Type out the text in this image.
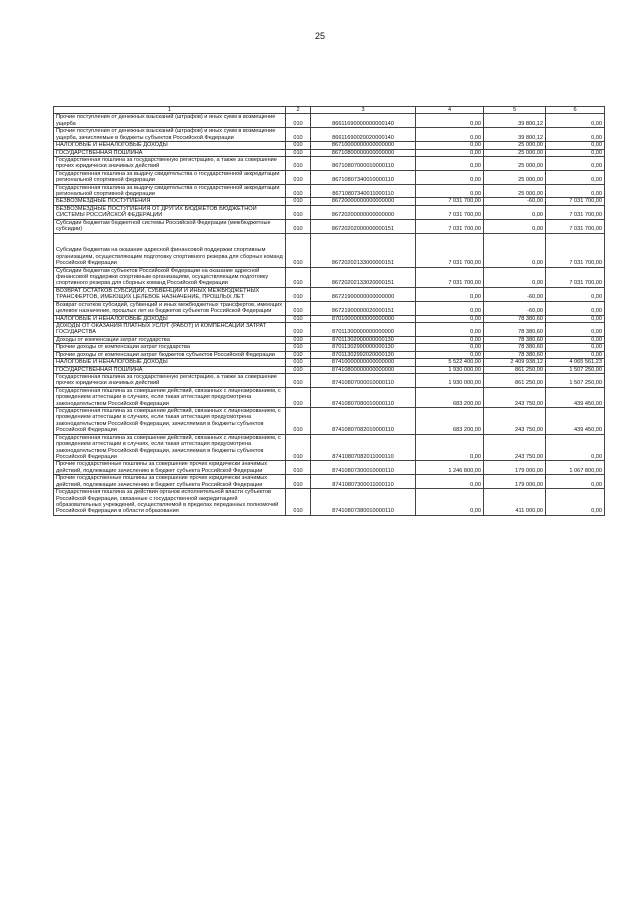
25
1	2	3	4	5	6
Прочие поступления от денежных взысканий (штрафов) и иных сумм в возмещение ущерба	010	86611690000000000140	0,00	39 800,12	0,00
Прочие поступления от денежных взысканий (штрафов) и иных сумм в возмещение ущерба, зачисляемые в бюджеты субъектов Российской Федерации	010	86611690020020000140	0,00	39 800,12	0,00
НАЛОГОВЫЕ И НЕНАЛОГОВЫЕ ДОХОДЫ	010	86710000000000000000	0,00	25 000,00	0,00
ГОСУДАРСТВЕННАЯ ПОШЛИНА	010	86710800000000000000	0,00	25 000,00	0,00
Государственная пошлина за государственную регистрацию, а также за совершение прочих юридически значимых действий	010	86710807000010000110	0,00	25 000,00	0,00
Государственная пошлина за выдачу свидетельства о государственной аккредитации региональной спортивной федерации	010	86710807340010000110	0,00	25 000,00	0,00
Государственная пошлина за выдачу свидетельства о государственной аккредитации региональной спортивной федерации	010	86710807340011000110	0,00	25 000,00	0,00
БЕЗВОЗМЕЗДНЫЕ ПОСТУПЛЕНИЯ	010	86720000000000000000	7 031 700,00	-60,00	7 031 700,00
БЕЗВОЗМЕЗДНЫЕ ПОСТУПЛЕНИЯ ОТ ДРУГИХ БЮДЖЕТОВ БЮДЖЕТНОЙ СИСТЕМЫ РОССИЙСКОЙ ФЕДЕРАЦИИ	010	86720200000000000000	7 031 700,00	0,00	7 031 700,00
Субсидии бюджетам бюджетной системы Российской Федерации (межбюджетные субсидии)	010	86720202000000000151	7 031 700,00	0,00	7 031 700,00
Субсидии бюджетам на оказание адресной финансовой поддержки спортивным организациям, осуществляющим подготовку спортивного резерва для сборных команд Российской Федерации	010	86720202133000000151	7 031 700,00	0,00	7 031 700,00
Субсидии бюджетам субъектов Российской Федерации на оказание адресной финансовой поддержки спортивным организациям, осуществляющим подготовку спортивного резерва для сборных команд Российской Федерации	010	86720202133020000151	7 031 700,00	0,00	7 031 700,00
ВОЗВРАТ ОСТАТКОВ СУБСИДИЙ, СУБВЕНЦИЙ И ИНЫХ МЕЖБЮДЖЕТНЫХ ТРАНСФЕРТОВ, ИМЕЮЩИХ ЦЕЛЕВОЕ НАЗНАЧЕНИЕ, ПРОШЛЫХ ЛЕТ	010	86721900000000000000	0,00	-60,00	0,00
Возврат остатков субсидий, субвенций и иных межбюджетных трансфертов, имеющих целевое назначение, прошлых лет из бюджетов субъектов Российской Федерации	010	86721900000020000151	0,00	-60,00	0,00
НАЛОГОВЫЕ И НЕНАЛОГОВЫЕ ДОХОДЫ	010	87010000000000000000	0,00	78 380,60	0,00
ДОХОДЫ ОТ ОКАЗАНИЯ ПЛАТНЫХ УСЛУГ (РАБОТ) И КОМПЕНСАЦИИ ЗАТРАТ ГОСУДАРСТВА	010	87011300000000000000	0,00	78 380,60	0,00
Доходы от компенсации затрат государства	010	87011302000000000130	0,00	78 380,60	0,00
Прочие доходы от компенсации затрат государства	010	87011302990000000130	0,00	78 380,60	0,00
Прочие доходы от компенсации затрат бюджетов субъектов Российской Федерации	010	87011302992020000130	0,00	78 380,60	0,00
НАЛОГОВЫЕ И НЕНАЛОГОВЫЕ ДОХОДЫ	010	87410000000000000000	5 522 400,00	2 409 938,12	4 065 561,23
ГОСУДАРСТВЕННАЯ ПОШЛИНА	010	87410800000000000000	1 930 000,00	861 250,00	1 507 250,00
Государственная пошлина за государственную регистрацию, а также за совершение прочих юридически значимых действий	010	87410807000010000110	1 930 000,00	861 250,00	1 507 250,00
Государственная пошлина за совершение действий, связанных с лицензированием, с проведением аттестации в случаях, если такая аттестация предусмотрена законодательством Российской Федерации	010	87410807080010000110	683 200,00	243 750,00	439 450,00
Государственная пошлина за совершение действий, связанных с лицензированием, с проведением аттестации в случаях, если такая аттестация предусмотрена законодательством Российской Федерации, зачисляемая в бюджеты субъектов Российской Федерации	010	87410807082010000110	683 200,00	243 750,00	439 450,00
Государственная пошлина за совершение действий, связанных с лицензированием, с проведением аттестации в случаях, если такая аттестация предусмотрена законодательством Российской Федерации, зачисляемая в бюджеты субъектов Российской Федерации	010	87410807082011000110	0,00	243 750,00	0,00
Прочие государственные пошлины за совершение прочих юридически значимых действий, подлежащие зачислению в бюджет субъекта Российской Федерации	010	87410807300010000110	1 246 800,00	179 000,00	1 067 800,00
Прочие государственные пошлины за совершение прочих юридически значимых действий, подлежащие зачислению в бюджет субъекта Российской Федерации	010	87410807300011000110	0,00	179 000,00	0,00
Государственная пошлина за действия органов исполнительной власти субъектов Российской Федерации, связанные с государственной аккредитацией образовательных учреждений, осуществляемой в пределах переданных полномочий Российской Федерации в области образования	010	87410807380010000110	0,00	411 000,00	0,00
